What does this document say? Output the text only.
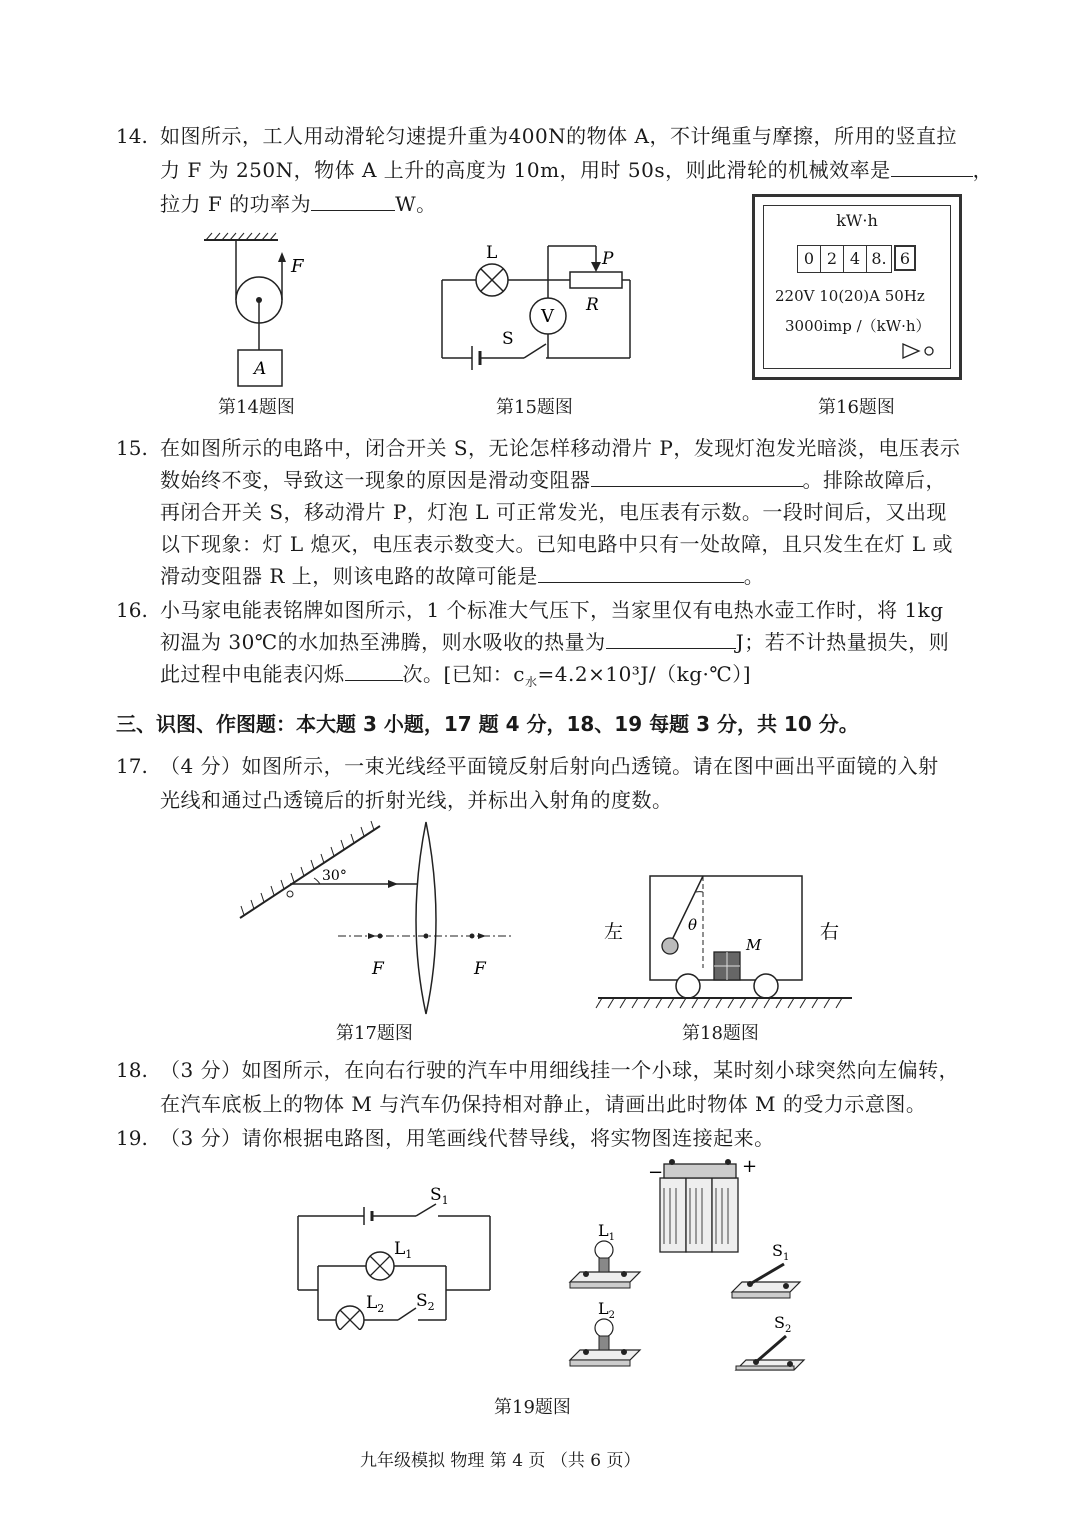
14. 如图所示，工人用动滑轮匀速提升重为400N的物体 A，不计绳重与摩擦，所用的竖直拉
力 F 为 250N，物体 A 上升的高度为 10m，用时 50s，则此滑轮的机械效率是	，
拉力 F 的功率为	W。
F
A
第14题图
L	P
R
V
S
第15题图
kW·h
0 2 4 8. 6
220V 10(20)A 50Hz
3000imp /（kW·h）
第16题图
15. 在如图所示的电路中，闭合开关 S，无论怎样移动滑片 P，发现灯泡发光暗淡，电压表示
数始终不变，导致这一现象的原因是滑动变阻器	。排除故障后，
再闭合开关 S，移动滑片 P，灯泡 L 可正常发光，电压表有示数。一段时间后，又出现
以下现象：灯 L 熄灭，电压表示数变大。已知电路中只有一处故障，且只发生在灯 L 或
滑动变阻器 R 上，则该电路的故障可能是	。
16. 小马家电能表铭牌如图所示，1 个标准大气压下，当家里仅有电热水壶工作时，将 1kg
初温为 30℃的水加热至沸腾，则水吸收的热量为	J；若不计热量损失，则
此过程中电能表闪烁	次。[已知：$c_水=4.2\times 10^3J/(kg\cdot℃)$]
三、识图、作图题：本大题 3 小题，17 题 4 分，18、19 每题 3 分，共 10 分。
17. （4 分）如图所示，一束光线经平面镜反射后射向凸透镜。请在图中画出平面镜的入射
光线和通过凸透镜后的折射光线，并标出入射角的度数。
30°
F	F
第17题图
左	右
θ
M
第18题图
18. （3 分）如图所示，在向右行驶的汽车中用细线挂一个小球，某时刻小球突然向左偏转，
在汽车底板上的物体 M 与汽车仍保持相对静止，请画出此时物体 M 的受力示意图。
19. （3 分）请你根据电路图，用笔画线代替导线，将实物图连接起来。
$S_1$
$L_1$
$L_2$ $S_2$
−	+
$L_1$
$L_2$
$S_1$
$S_2$
第19题图
九年级模拟 物理 第 4 页 （共 6 页）
